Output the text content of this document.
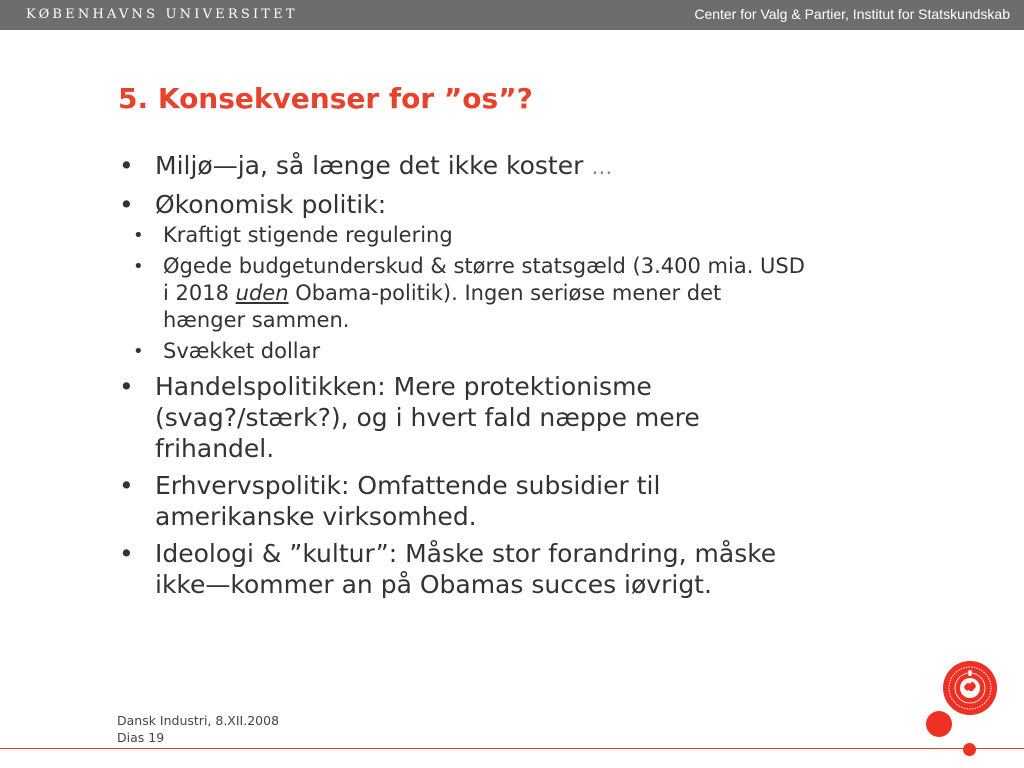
KØBENHAVNS UNIVERSITET	Center for Valg & Partier, Institut for Statskundskab
5. Konsekvenser for ”os”?
• Miljø—ja, så længe det ikke koster …
• Økonomisk politik:
• Kraftigt stigende regulering
• Øgede budgetunderskud & større statsgæld (3.400 mia. USD i 2018 uden Obama-politik). Ingen seriøse mener det hænger sammen.
• Svækket dollar
• Handelspolitikken: Mere protektionisme (svag?/stærk?), og i hvert fald næppe mere frihandel.
• Erhvervspolitik: Omfattende subsidier til amerikanske virksomhed.
• Ideologi & ”kultur”: Måske stor forandring, måske ikke—kommer an på Obamas succes iøvrigt.
Dansk Industri, 8.XII.2008
Dias 19
